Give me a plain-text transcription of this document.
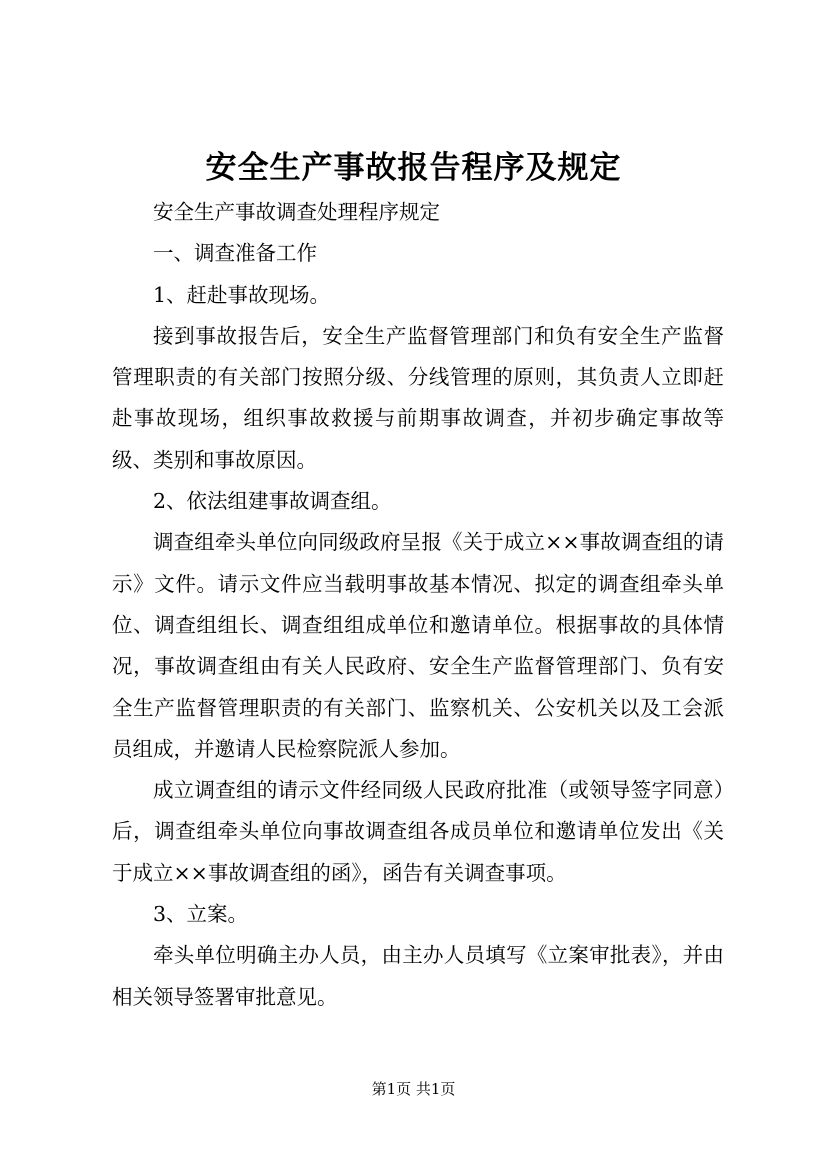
安全生产事故报告程序及规定

安全生产事故调查处理程序规定

一、调查准备工作

1、赶赴事故现场。

接到事故报告后，安全生产监督管理部门和负有安全生产监督管理职责的有关部门按照分级、分线管理的原则，其负责人立即赶赴事故现场，组织事故救援与前期事故调查，并初步确定事故等级、类别和事故原因。

2、依法组建事故调查组。

调查组牵头单位向同级政府呈报《关于成立××事故调查组的请示》文件。请示文件应当载明事故基本情况、拟定的调查组牵头单位、调查组组长、调查组组成单位和邀请单位。根据事故的具体情况，事故调查组由有关人民政府、安全生产监督管理部门、负有安全生产监督管理职责的有关部门、监察机关、公安机关以及工会派员组成，并邀请人民检察院派人参加。

成立调查组的请示文件经同级人民政府批准（或领导签字同意）后，调查组牵头单位向事故调查组各成员单位和邀请单位发出《关于成立××事故调查组的函》，函告有关调查事项。

3、立案。

牵头单位明确主办人员，由主办人员填写《立案审批表》，并由相关领导签署审批意见。

第1页 共1页
